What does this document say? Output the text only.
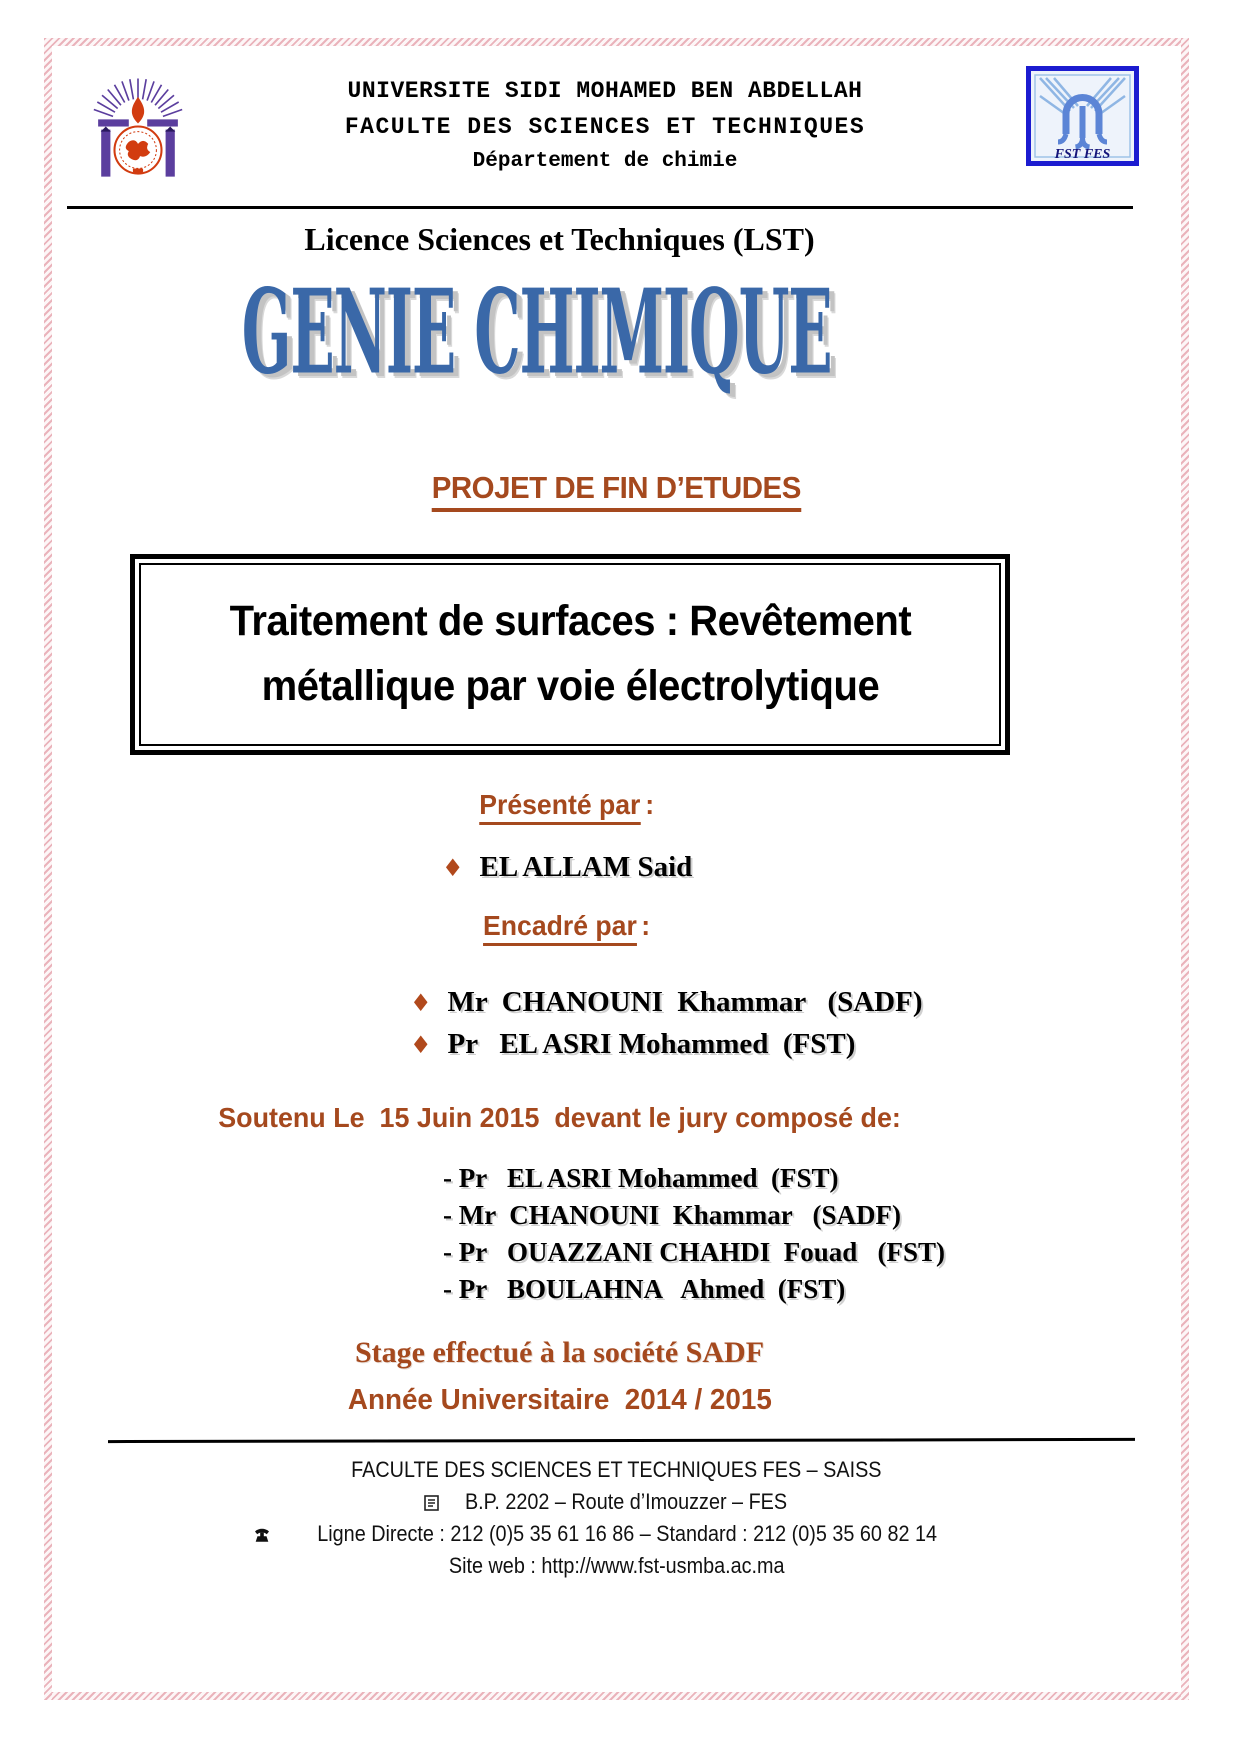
UNIVERSITE SIDI MOHAMED BEN ABDELLAH
FACULTE DES SCIENCES ET TECHNIQUES
Département de chimie	FST FES
Licence Sciences et Techniques (LST)
GENIE CHIMIQUE
PROJET DE FIN D’ETUDES
Traitement de surfaces : Revêtement
métallique par voie électrolytique
Présenté par:
♦ EL ALLAM Said
Encadré par:
♦ Mr  CHANOUNI  Khammar   (SADF)
♦ Pr   EL ASRI Mohammed  (FST)
Soutenu Le  15 Juin 2015  devant le jury composé de:
- Pr   EL ASRI Mohammed  (FST)
- Mr  CHANOUNI  Khammar   (SADF)
- Pr   OUAZZANI CHAHDI  Fouad   (FST)
- Pr   BOULAHNA   Ahmed  (FST)
Stage effectué à la société SADF
Année Universitaire  2014 / 2015
FACULTE DES SCIENCES ET TECHNIQUES FES – SAISS
B.P. 2202 – Route d’Imouzzer – FES
Ligne Directe : 212 (0)5 35 61 16 86 – Standard : 212 (0)5 35 60 82 14
Site web : http://www.fst-usmba.ac.ma
